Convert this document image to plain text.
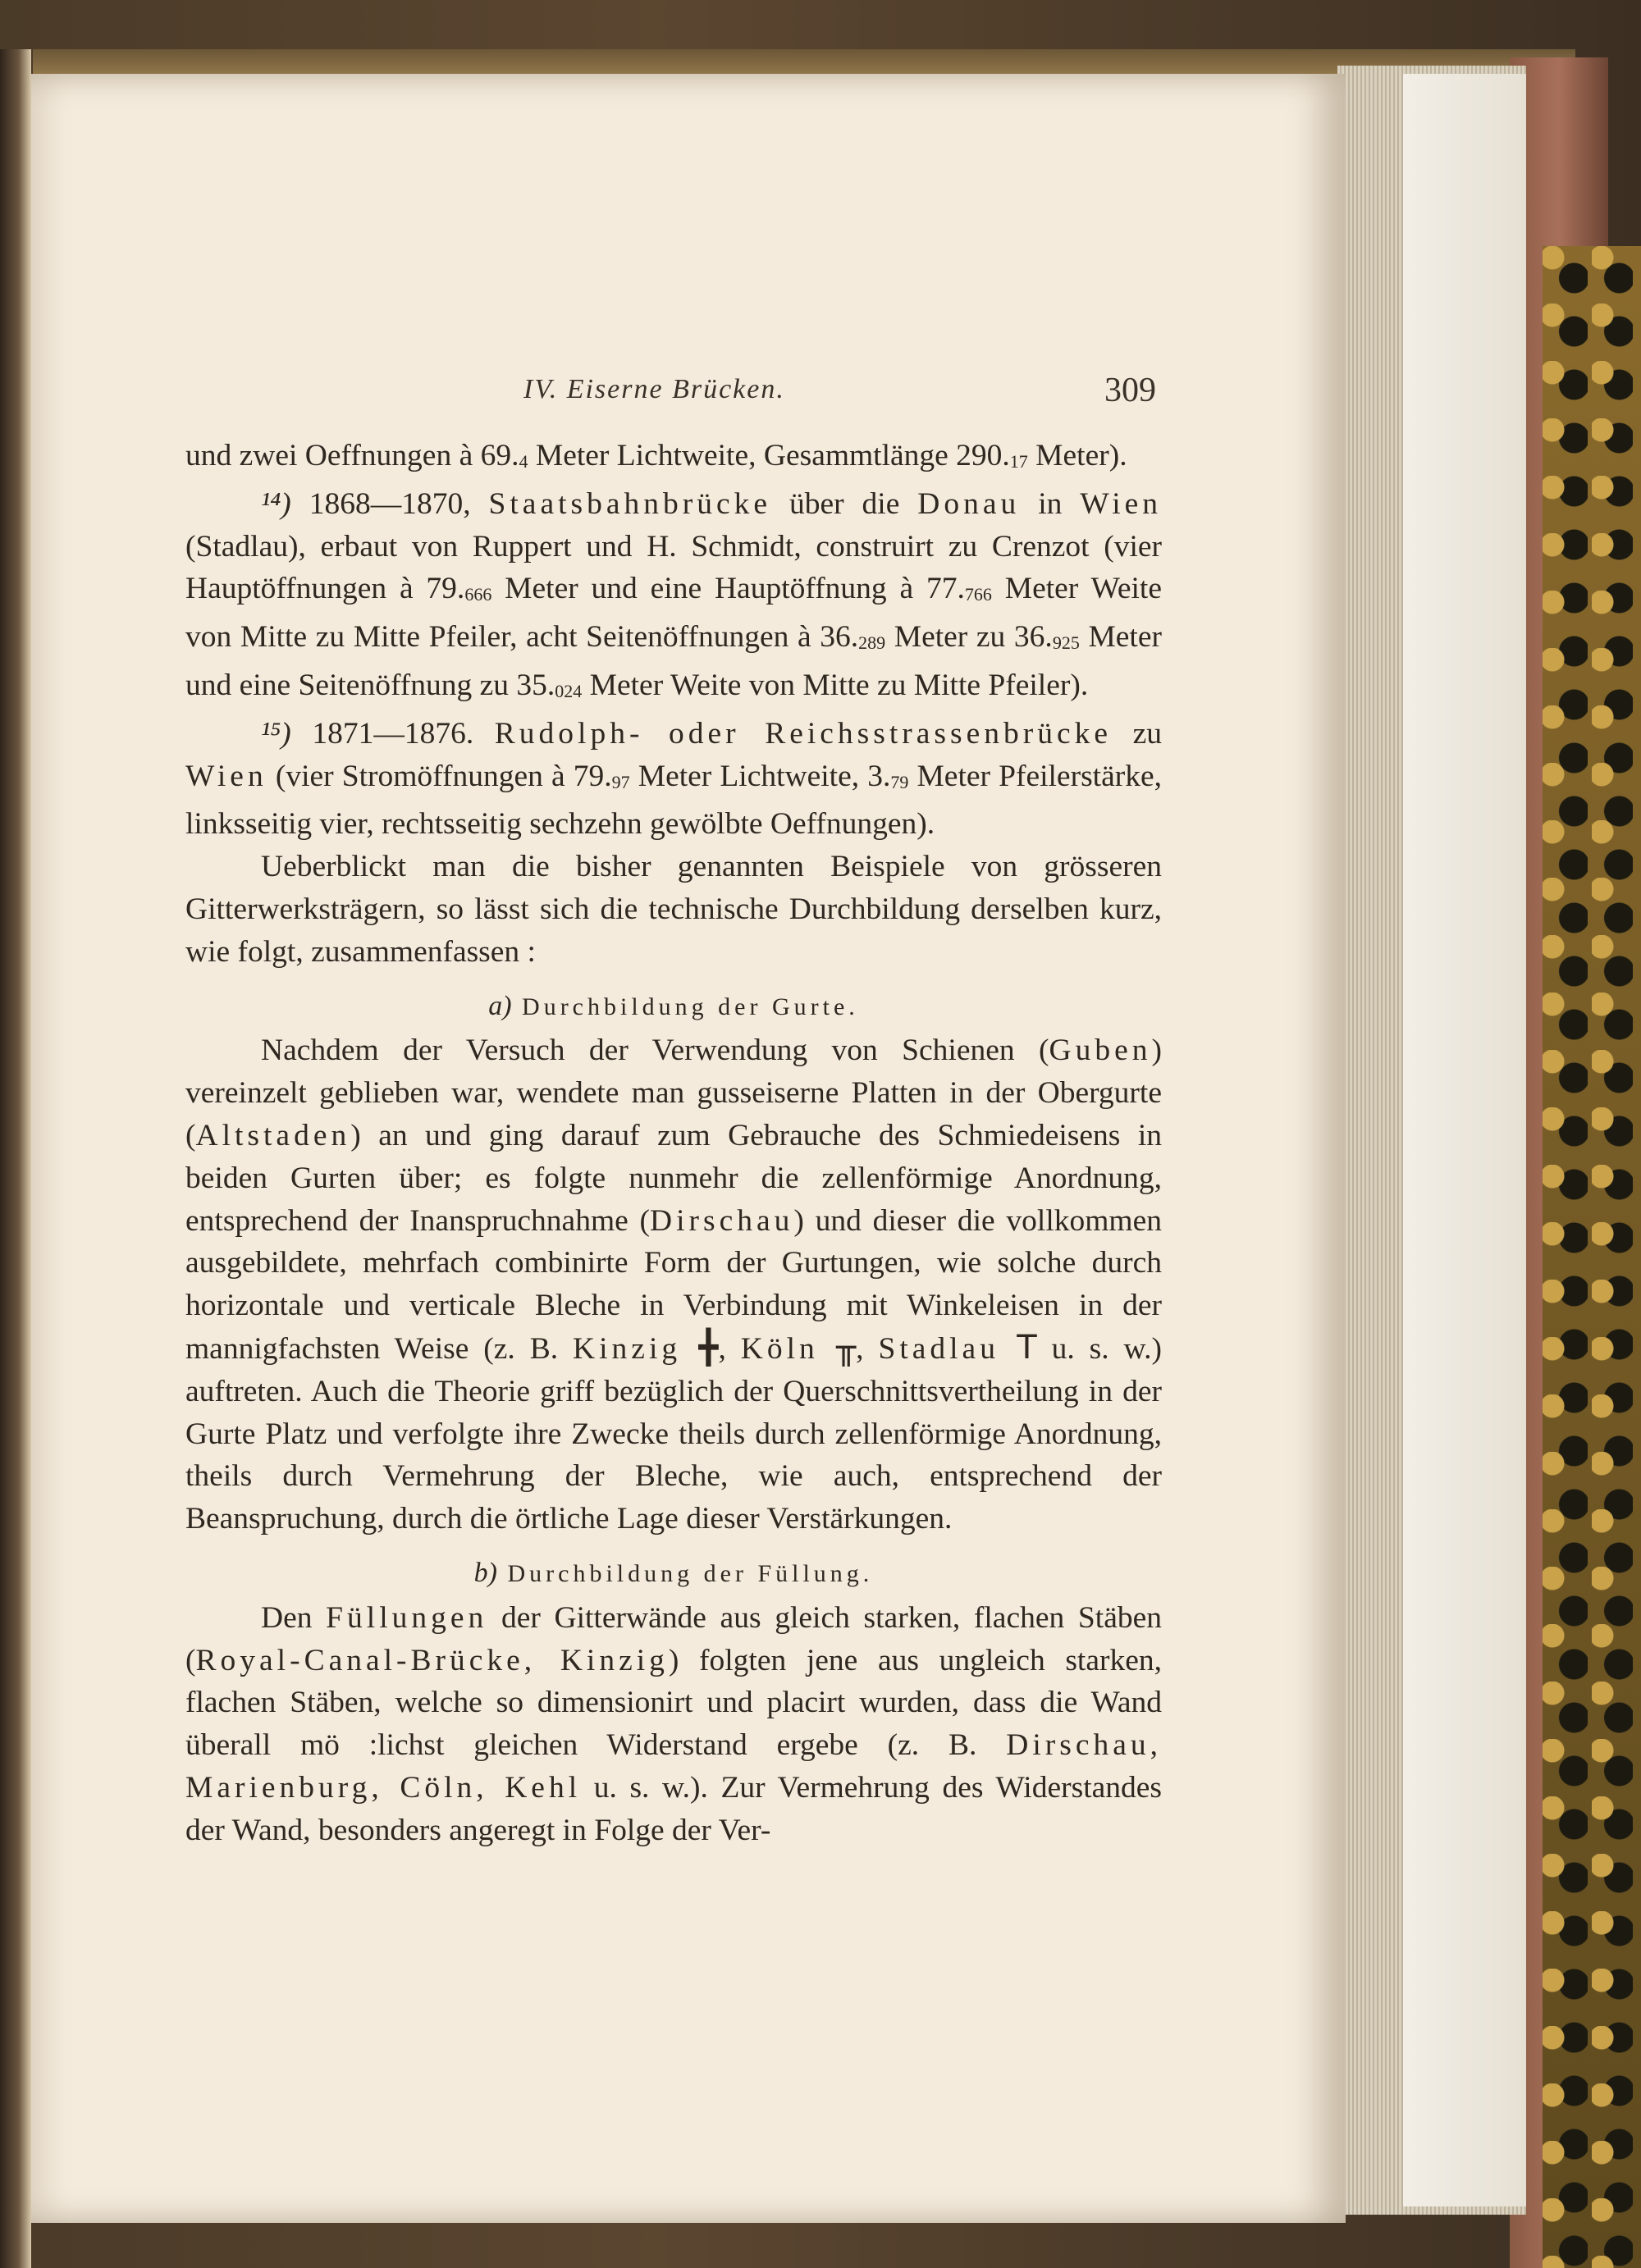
IV. Eiserne Brücken.	309

und zwei Oeffnungen à 69.4 Meter Lichtweite, Gesammtlänge 290.17 Meter).

¹⁴) 1868—1870, Staatsbahnbrücke über die Donau in Wien (Stadlau), erbaut von Ruppert und H. Schmidt, construirt zu Crenzot (vier Hauptöffnungen à 79.666 Meter und eine Hauptöffnung à 77.766 Meter Weite von Mitte zu Mitte Pfeiler, acht Seitenöffnungen à 36.289 Meter zu 36.925 Meter und eine Seitenöffnung zu 35.024 Meter Weite von Mitte zu Mitte Pfeiler).

¹⁵) 1871—1876. Rudolph- oder Reichsstrassenbrücke zu Wien (vier Stromöffnungen à 79.97 Meter Lichtweite, 3.79 Meter Pfeilerstärke, linksseitig vier, rechtsseitig sechzehn gewölbte Oeffnungen).

Ueberblickt man die bisher genannten Beispiele von grösseren Gitterwerksträgern, so lässt sich die technische Durchbildung derselben kurz, wie folgt, zusammenfassen :

a) Durchbildung der Gurte.

Nachdem der Versuch der Verwendung von Schienen (Guben) vereinzelt geblieben war, wendete man gusseiserne Platten in der Obergurte (Altstaden) an und ging darauf zum Gebrauche des Schmiedeisens in beiden Gurten über; es folgte nunmehr die zellenförmige Anordnung, entsprechend der Inanspruchnahme (Dirschau) und dieser die vollkommen ausgebildete, mehrfach combinirte Form der Gurtungen, wie solche durch horizontale und verticale Bleche in Verbindung mit Winkeleisen in der mannigfachsten Weise (z. B. Kinzig ╋, Köln ╥, Stadlau T u. s. w.) auftreten. Auch die Theorie griff bezüglich der Querschnittsvertheilung in der Gurte Platz und verfolgte ihre Zwecke theils durch zellenförmige Anordnung, theils durch Vermehrung der Bleche, wie auch, entsprechend der Beanspruchung, durch die örtliche Lage dieser Verstärkungen.

b) Durchbildung der Füllung.

Den Füllungen der Gitterwände aus gleich starken, flachen Stäben (Royal-Canal-Brücke, Kinzig) folgten jene aus ungleich starken, flachen Stäben, welche so dimensionirt und placirt wurden, dass die Wand überall mö :lichst gleichen Widerstand ergebe (z. B. Dirschau, Marienburg, Cöln, Kehl u. s. w.). Zur Vermehrung des Widerstandes der Wand, besonders angeregt in Folge der Ver-
